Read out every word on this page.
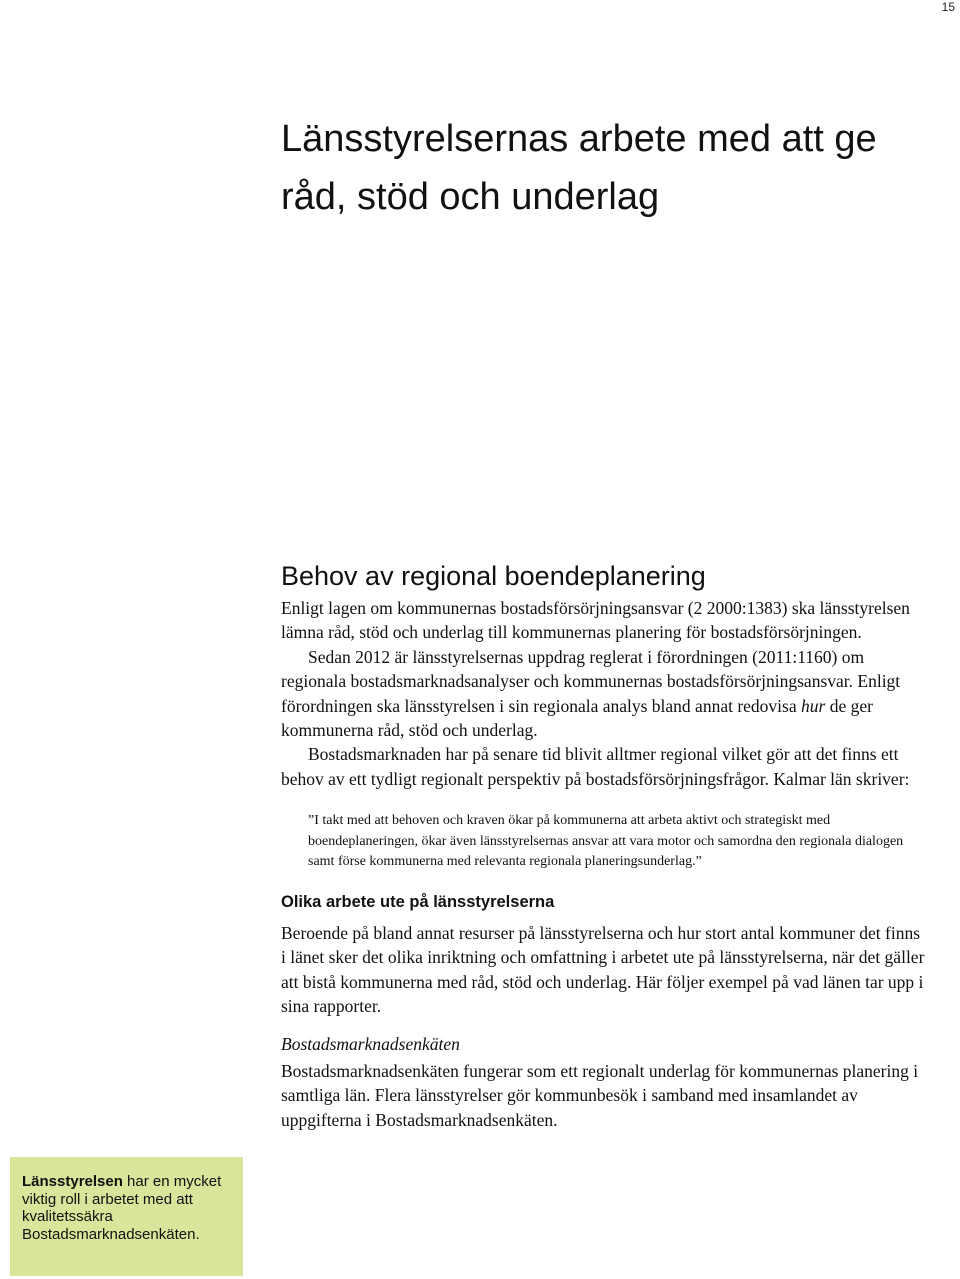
15
Länsstyrelsernas arbete med att ge råd, stöd och underlag
Behov av regional boendeplanering

Enligt lagen om kommunernas bostadsförsörjningsansvar (2 2000:1383) ska länsstyrelsen lämna råd, stöd och underlag till kommunernas planering för bostadsförsörjningen.

Sedan 2012 är länsstyrelsernas uppdrag reglerat i förordningen (2011:1160) om regionala bostadsmarknadsanalyser och kommunernas bostadsförsörjningsansvar. Enligt förordningen ska länsstyrelsen i sin regionala analys bland annat redovisa hur de ger kommunerna råd, stöd och underlag.

Bostadsmarknaden har på senare tid blivit alltmer regional vilket gör att det finns ett behov av ett tydligt regionalt perspektiv på bostadsförsörjningsfrågor. Kalmar län skriver:

”I takt med att behoven och kraven ökar på kommunerna att arbeta aktivt och strategiskt med boendeplaneringen, ökar även länsstyrelsernas ansvar att vara motor och samordna den regionala dialogen samt förse kommunerna med relevanta regionala planeringsunderlag.”

Olika arbete ute på länsstyrelserna

Beroende på bland annat resurser på länsstyrelserna och hur stort antal kommuner det finns i länet sker det olika inriktning och omfattning i arbetet ute på länsstyrelserna, när det gäller att bistå kommunerna med råd, stöd och underlag. Här följer exempel på vad länen tar upp i sina rapporter.

Bostadsmarknadsenkäten

Bostadsmarknadsenkäten fungerar som ett regionalt underlag för kommunernas planering i samtliga län. Flera länsstyrelser gör kommunbesök i samband med insamlandet av uppgifterna i Bostadsmarknadsenkäten.

Länsstyrelsen har en mycket viktig roll i arbetet med att kvalitetssäkra Bostadsmarknadsenkäten.
